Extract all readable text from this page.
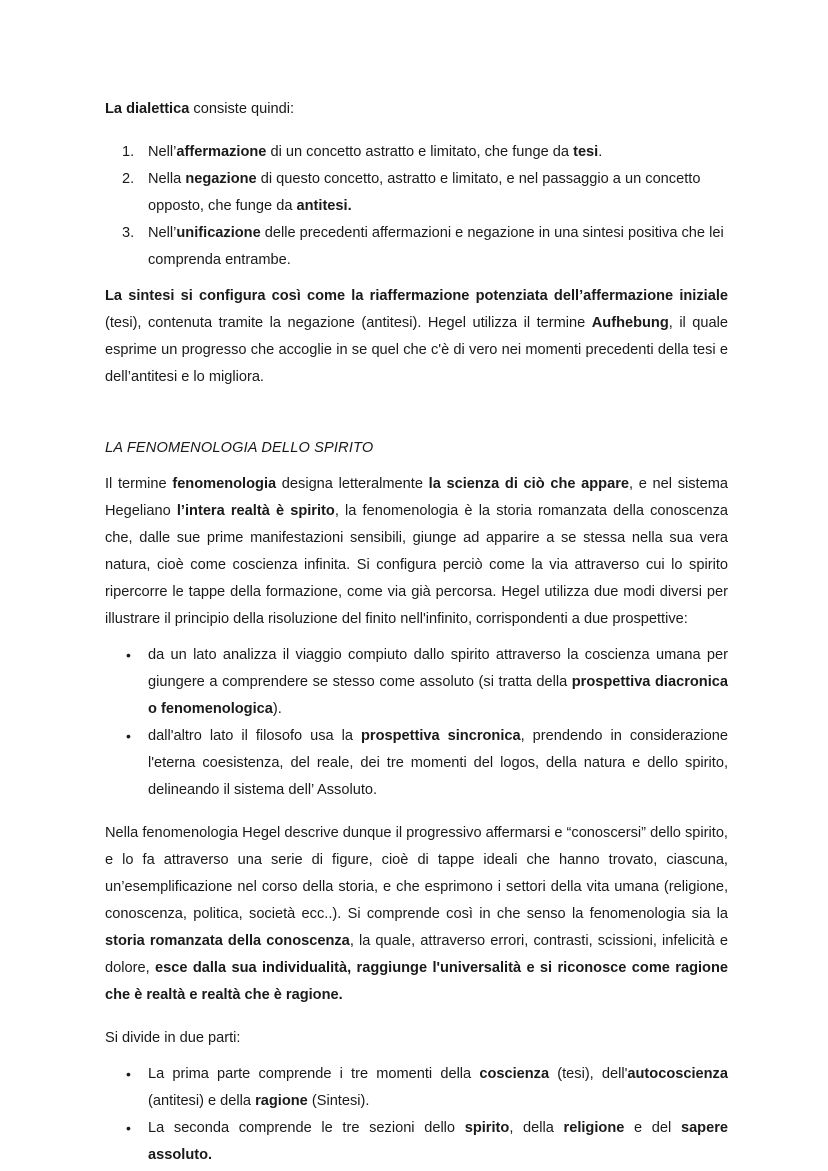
La dialettica consiste quindi:

1. Nell’affermazione di un concetto astratto e limitato, che funge da tesi.
2. Nella negazione di questo concetto, astratto e limitato, e nel passaggio a un concetto opposto, che funge da antitesi.
3. Nell’unificazione delle precedenti affermazioni e negazione in una sintesi positiva che lei comprenda entrambe.

La sintesi si configura così come la riaffermazione potenziata dell’affermazione iniziale (tesi), contenuta tramite la negazione (antitesi). Hegel utilizza il termine Aufhebung, il quale esprime un progresso che accoglie in se quel che c'è di vero nei momenti precedenti della tesi e dell’antitesi e lo migliora.

LA FENOMENOLOGIA DELLO SPIRITO

Il termine fenomenologia designa letteralmente la scienza di ciò che appare, e nel sistema Hegeliano l’intera realtà è spirito, la fenomenologia è la storia romanzata della conoscenza che, dalle sue prime manifestazioni sensibili, giunge ad apparire a se stessa nella sua vera natura, cioè come coscienza infinita. Si configura perciò come la via attraverso cui lo spirito ripercorre le tappe della formazione, come via già percorsa. Hegel utilizza due modi diversi per illustrare il principio della risoluzione del finito nell'infinito, corrispondenti a due prospettive:

• da un lato analizza il viaggio compiuto dallo spirito attraverso la coscienza umana per giungere a comprendere se stesso come assoluto (si tratta della prospettiva diacronica o fenomenologica).
• dall'altro lato il filosofo usa la prospettiva sincronica, prendendo in considerazione l'eterna coesistenza, del reale, dei tre momenti del logos, della natura e dello spirito, delineando il sistema dell’ Assoluto.

Nella fenomenologia Hegel descrive dunque il progressivo affermarsi e “conoscersi” dello spirito, e lo fa attraverso una serie di figure, cioè di tappe ideali che hanno trovato, ciascuna, un’esemplificazione nel corso della storia, e che esprimono i settori della vita umana (religione, conoscenza, politica, società ecc..). Si comprende così in che senso la fenomenologia sia la storia romanzata della conoscenza, la quale, attraverso errori, contrasti, scissioni, infelicità e dolore, esce dalla sua individualità, raggiunge l'universalità e si riconosce come ragione che è realtà e realtà che è ragione.

Si divide in due parti:

• La prima parte comprende i tre momenti della coscienza (tesi), dell'autocoscienza (antitesi) e della ragione (Sintesi).
• La seconda comprende le tre sezioni dello spirito, della religione e del sapere assoluto.
